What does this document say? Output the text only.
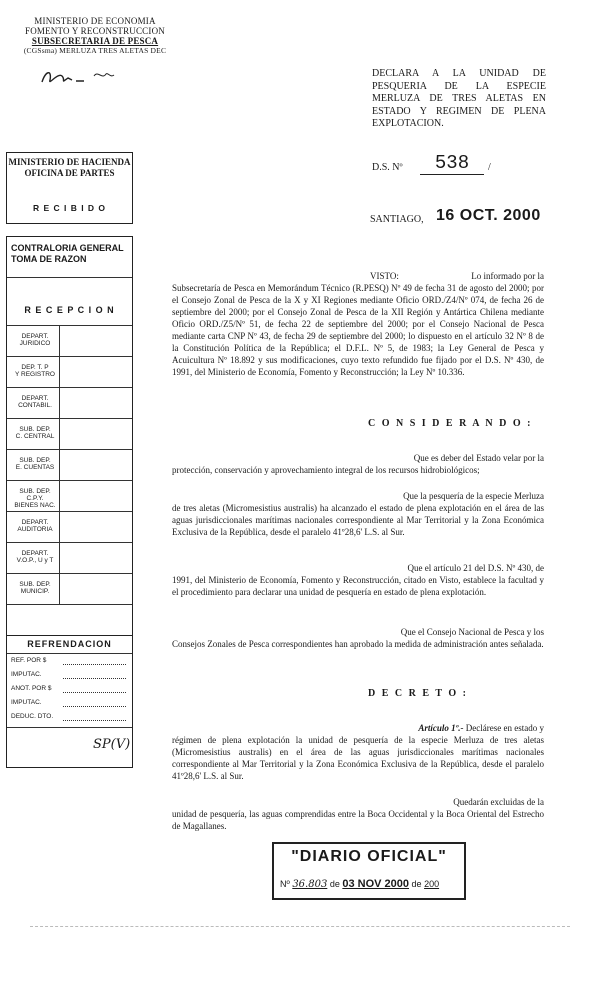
MINISTERIO DE ECONOMIA
FOMENTO Y RECONSTRUCCION
SUBSECRETARIA DE PESCA
(CGSsma) MERLUZA TRES ALETAS DEC
DECLARA A LA UNIDAD DE PESQUERIA DE LA ESPECIE MERLUZA DE TRES ALETAS EN ESTADO Y REGIMEN DE PLENA EXPLOTACION.
MINISTERIO DE HACIENDA
OFICINA DE PARTES
R E C I B I D O
D.S. Nº	538	/
SANTIAGO, 16 OCT. 2000
CONTRALORIA GENERAL
TOMA DE RAZON
R E C E P C I O N
DEPART.
JURIDICO
DEP. T. P
Y REGISTRO
DEPART.
CONTABIL.
SUB. DEP.
C. CENTRAL
SUB. DEP.
E. CUENTAS
SUB. DEP. C.P.Y.
BIENES NAC.
DEPART.
AUDITORIA
DEPART.
V.O.P., U y T
SUB. DEP.
MUNICIP.
REFRENDACION
REF. POR $
IMPUTAC.
ANOT. POR $
IMPUTAC.
DEDUC. DTO.
SP(V)
VISTO:	Lo informado por la
Subsecretaría de Pesca en Memorándum Técnico (R.PESQ) Nº 49 de fecha 31 de agosto del 2000; por el Consejo Zonal de Pesca de la X y XI Regiones mediante Oficio ORD./Z4/Nº 074, de fecha 26 de septiembre del 2000; por el Consejo Zonal de Pesca de la XII Región y Antártica Chilena mediante Oficio ORD./Z5/Nº 51, de fecha 22 de septiembre del 2000; por el Consejo Nacional de Pesca mediante carta CNP Nº 43, de fecha 29 de septiembre del 2000; lo dispuesto en el artículo 32 Nº 8 de la Constitución Política de la República; el D.F.L. Nº 5, de 1983; la Ley General de Pesca y Acuicultura Nº 18.892 y sus modificaciones, cuyo texto refundido fue fijado por el D.S. Nº 430, de 1991, del Ministerio de Economía, Fomento y Reconstrucción; la Ley Nº 10.336.
C O N S I D E R A N D O :
Que es deber del Estado velar por la
protección, conservación y aprovechamiento integral de los recursos hidrobiológicos;
Que la pesquería de la especie Merluza
de tres aletas (Micromesistius australis) ha alcanzado el estado de plena explotación en el área de las aguas jurisdiccionales marítimas nacionales correspondiente al Mar Territorial y la Zona Económica Exclusiva de la República, desde el paralelo 41º28,6' L.S. al Sur.
Que el artículo 21 del D.S. Nº 430, de
1991, del Ministerio de Economía, Fomento y Reconstrucción, citado en Visto, establece la facultad y el procedimiento para declarar una unidad de pesquería en estado de plena explotación.
Que el Consejo Nacional de Pesca y los
Consejos Zonales de Pesca correspondientes han aprobado la medida de administración antes señalada.
D E C R E T O :
Artículo 1º.- Declárese en estado y
régimen de plena explotación la unidad de pesquería de la especie Merluza de tres aletas (Micromesistius australis) en el área de las aguas jurisdiccionales marítimas nacionales correspondiente al Mar Territorial y la Zona Económica Exclusiva de la República, desde el paralelo 41º28,6' L.S. al Sur.
Quedarán excluidas de la
unidad de pesquería, las aguas comprendidas entre la Boca Occidental y la Boca Oriental del Estrecho de Magallanes.
"DIARIO OFICIAL"
Nº 36.803 de 03 NOV 2000 de 200
